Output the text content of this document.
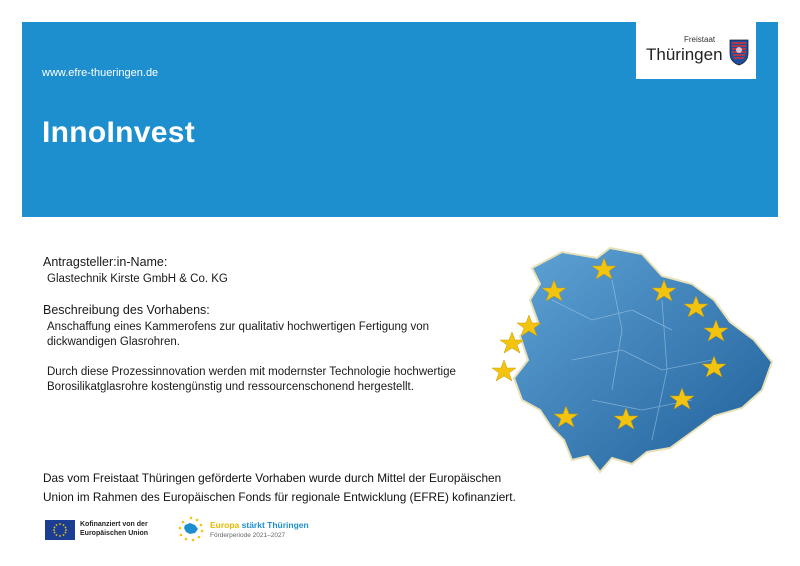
www.efre-thueringen.de
InnoInvest
Freistaat
Thüringen
Antragsteller:in-Name:
Glastechnik Kirste GmbH & Co. KG
Beschreibung des Vorhabens:
Anschaffung eines Kammerofens zur qualitativ hochwertigen Fertigung von
dickwandigen Glasrohren.
Durch diese Prozessinnovation werden mit modernster Technologie hochwertige
Borosilikatglasrohre kostengünstig und ressourcenschonend hergestellt.
Das vom Freistaat Thüringen geförderte Vorhaben wurde durch Mittel der Europäischen
Union im Rahmen des Europäischen Fonds für regionale Entwicklung (EFRE) kofinanziert.
Kofinanziert von der
Europäischen Union
Europa stärkt Thüringen
Förderperiode 2021–2027
